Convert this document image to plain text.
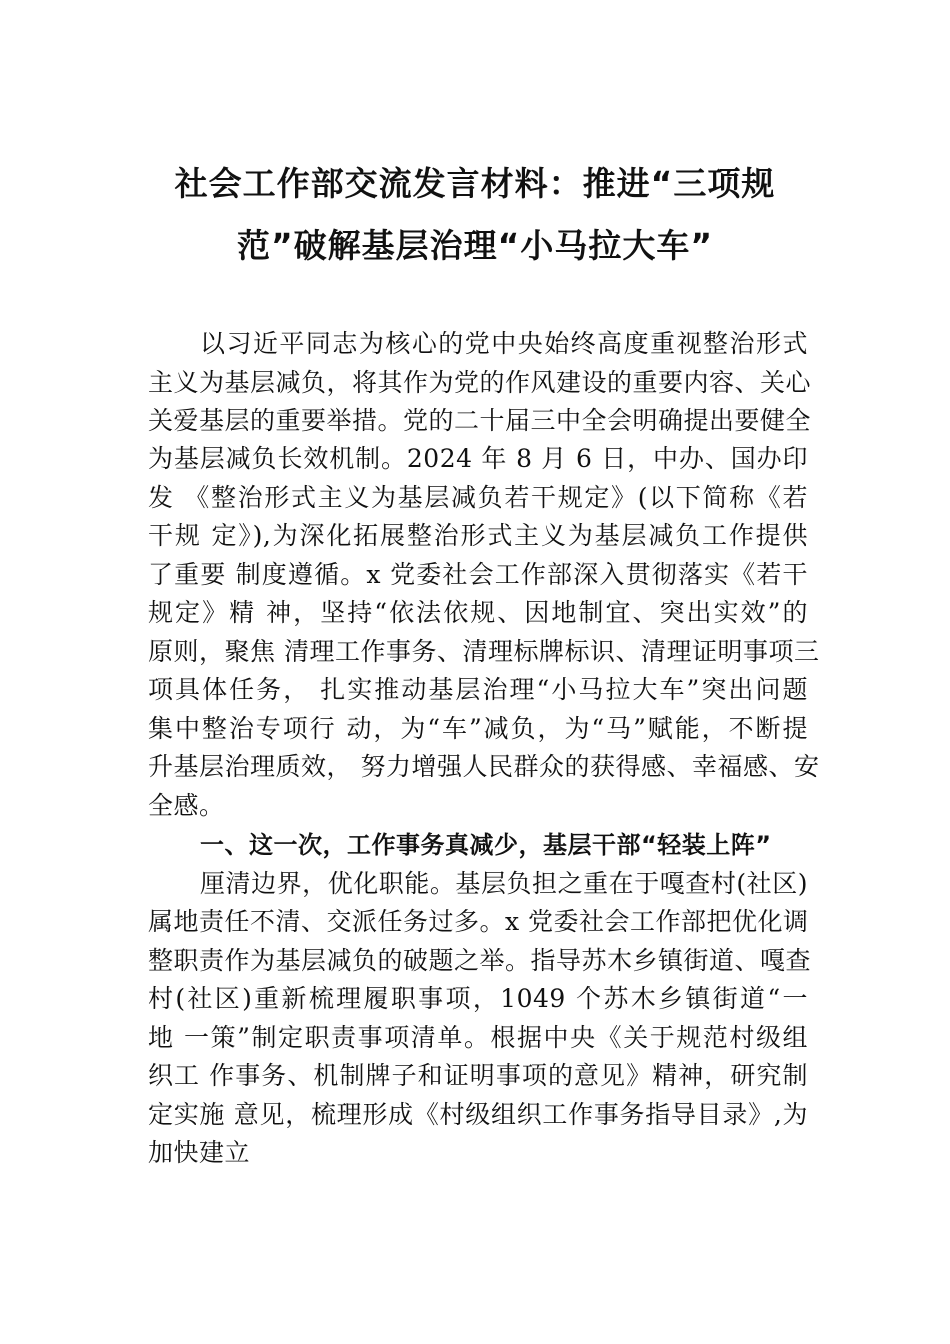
社会工作部交流发言材料：推进“三项规
范”破解基层治理“小马拉大车”
以习近平同志为核心的党中央始终高度重视整治形式
主义为基层减负，将其作为党的作风建设的重要内容、关心
关爱基层的重要举措。党的二十届三中全会明确提出要健全
为基层减负长效机制。2024 年 8 月 6 日，中办、国办印
发 《整治形式主义为基层减负若干规定》(以下简称《若
干规 定》),为深化拓展整治形式主义为基层减负工作提供
了重要 制度遵循。x 党委社会工作部深入贯彻落实《若干
规定》精 神，坚持“依法依规、因地制宜、突出实效”的
原则，聚焦 清理工作事务、清理标牌标识、清理证明事项三
项具体任务， 扎实推动基层治理“小马拉大车”突出问题
集中整治专项行 动，为“车”减负，为“马”赋能，不断提
升基层治理质效， 努力增强人民群众的获得感、幸福感、安
全感。
一、这一次，工作事务真减少，基层干部“轻装上阵”
厘清边界，优化职能。基层负担之重在于嘎查村(社区)
属地责任不清、交派任务过多。x 党委社会工作部把优化调
整职责作为基层减负的破题之举。指导苏木乡镇街道、嘎查
村(社区)重新梳理履职事项，1049 个苏木乡镇街道“一
地 一策”制定职责事项清单。根据中央《关于规范村级组
织工 作事务、机制牌子和证明事项的意见》精神，研究制
定实施 意见，梳理形成《村级组织工作事务指导目录》,为
加快建立
